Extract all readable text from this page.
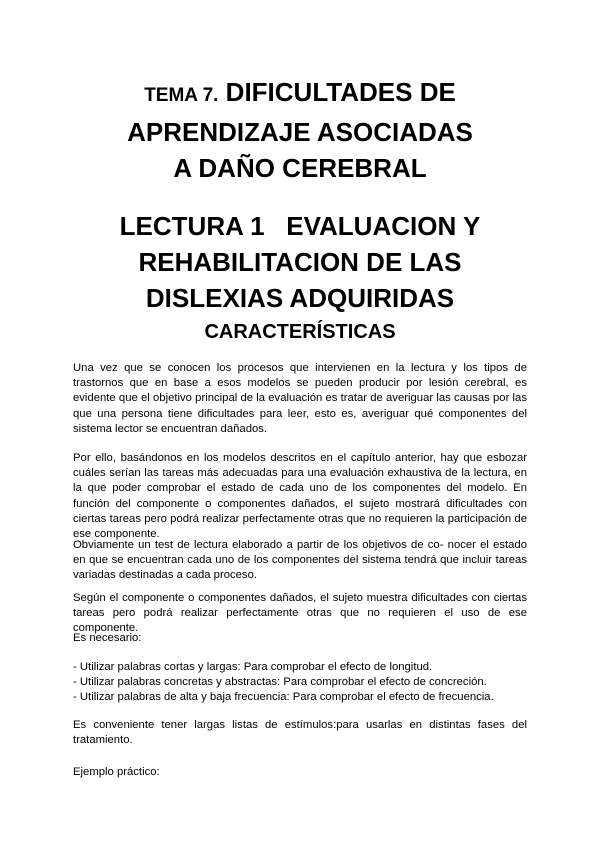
TEMA 7. DIFICULTADES DE
APRENDIZAJE ASOCIADAS
A DAÑO CEREBRAL
LECTURA 1   EVALUACION Y
REHABILITACION DE LAS
DISLEXIAS ADQUIRIDAS
CARACTERÍSTICAS
Una vez que se conocen los procesos que intervienen en la lectura y los tipos de trastornos que en base a esos modelos se pueden producir por lesión cerebral, es evidente que el objetivo principal de la evaluación es tratar de averiguar las causas por las que una persona tiene dificultades para leer, esto es, averiguar qué componentes del sistema lector se encuentran dañados.
Por ello, basándonos en los modelos descritos en el capítulo anterior, hay que esbozar cuáles serían las tareas más adecuadas para una evaluación exhaustiva de la lectura, en la que poder comprobar el estado de cada uno de los componentes del modelo. En función del componente o componentes dañados, el sujeto mostrará dificultades con ciertas tareas pero podrá realizar perfectamente otras que no requieren la participación de ese componente.
Obviamente un test de lectura elaborado a partir de los objetivos de co- nocer el estado en que se encuentran cada uno de los componentes del sistema tendrá que incluir tareas variadas destinadas a cada proceso.
Según el componente o componentes dañados, el sujeto muestra dificultades con ciertas tareas pero podrá realizar perfectamente otras que no requieren el uso de ese componente.
Es necesario:
- Utilizar palabras cortas y largas: Para comprobar el efecto de longitud.
- Utilizar palabras concretas y abstractas: Para comprobar el efecto de concreción.
- Utilizar palabras de alta y baja frecuencia: Para comprobar el efecto de frecuencia.
Es conveniente tener largas listas de estímulos:para usarlas en distintas fases del tratamiento.
Ejemplo práctico:
